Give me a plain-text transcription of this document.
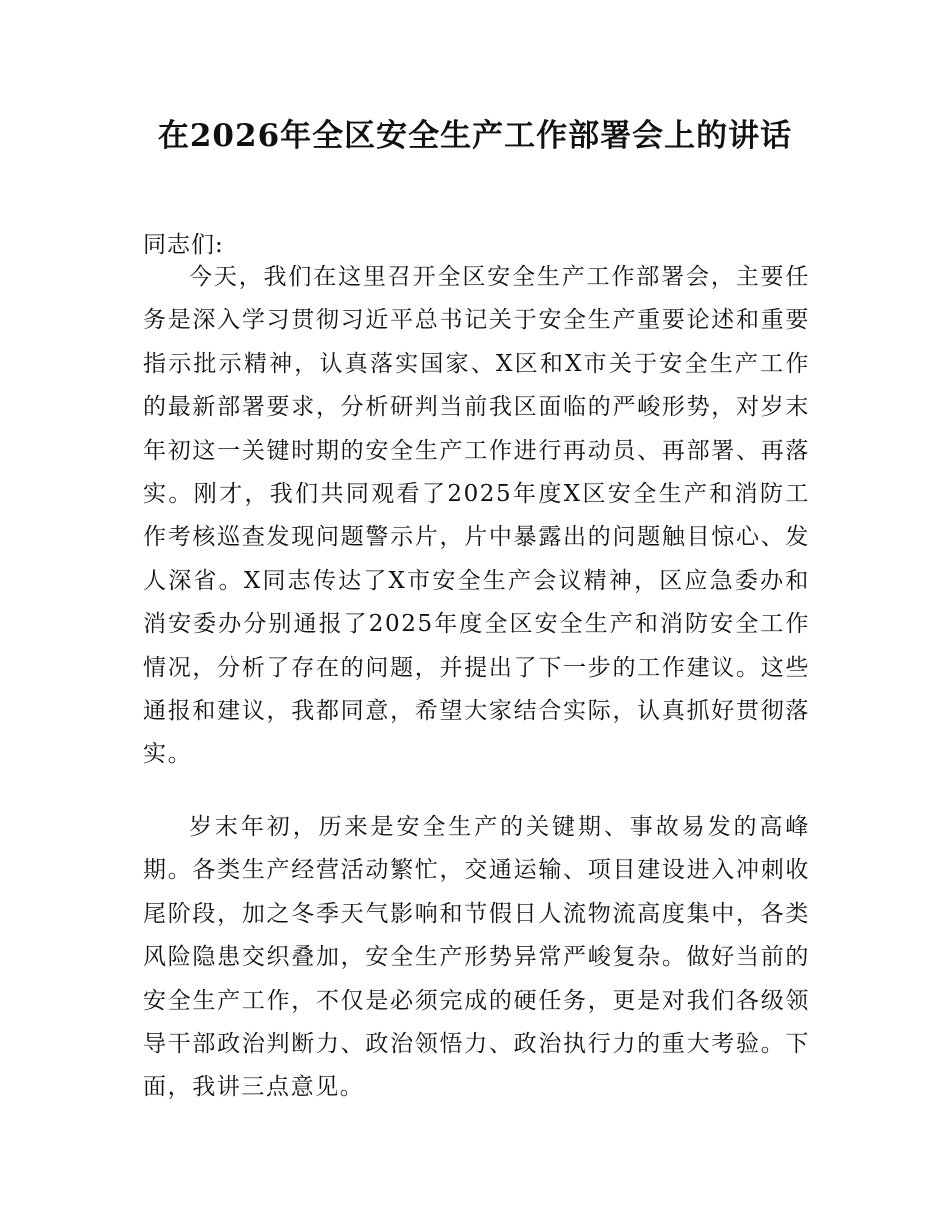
在2026年全区安全生产工作部署会上的讲话

同志们:

今天，我们在这里召开全区安全生产工作部署会，主要任务是深入学习贯彻习近平总书记关于安全生产重要论述和重要指示批示精神，认真落实国家、X区和X市关于安全生产工作的最新部署要求，分析研判当前我区面临的严峻形势，对岁末年初这一关键时期的安全生产工作进行再动员、再部署、再落实。刚才，我们共同观看了2025年度X区安全生产和消防工作考核巡查发现问题警示片，片中暴露出的问题触目惊心、发人深省。X同志传达了X市安全生产会议精神，区应急委办和消安委办分别通报了2025年度全区安全生产和消防安全工作情况，分析了存在的问题，并提出了下一步的工作建议。这些通报和建议，我都同意，希望大家结合实际，认真抓好贯彻落实。

岁末年初，历来是安全生产的关键期、事故易发的高峰期。各类生产经营活动繁忙，交通运输、项目建设进入冲刺收尾阶段，加之冬季天气影响和节假日人流物流高度集中，各类风险隐患交织叠加，安全生产形势异常严峻复杂。做好当前的安全生产工作，不仅是必须完成的硬任务，更是对我们各级领导干部政治判断力、政治领悟力、政治执行力的重大考验。下面，我讲三点意见。
